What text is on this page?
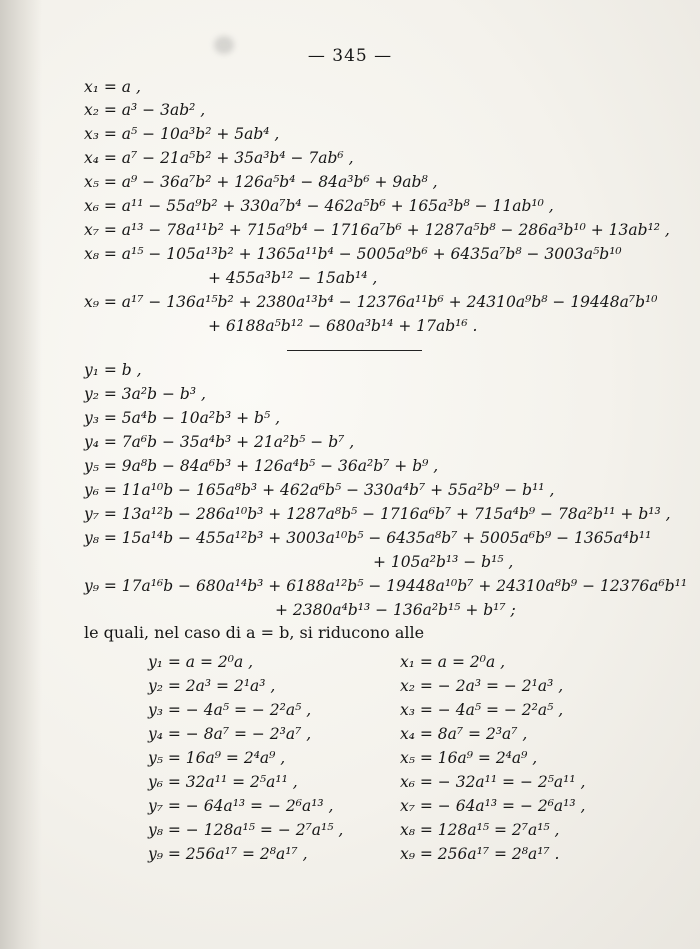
— 345 —
x₁ = a ,
x₂ = a³ − 3ab² ,
x₃ = a⁵ − 10a³b² + 5ab⁴ ,
x₄ = a⁷ − 21a⁵b² + 35a³b⁴ − 7ab⁶ ,
x₅ = a⁹ − 36a⁷b² + 126a⁵b⁴ − 84a³b⁶ + 9ab⁸ ,
x₆ = a¹¹ − 55a⁹b² + 330a⁷b⁴ − 462a⁵b⁶ + 165a³b⁸ − 11ab¹⁰ ,
x₇ = a¹³ − 78a¹¹b² + 715a⁹b⁴ − 1716a⁷b⁶ + 1287a⁵b⁸ − 286a³b¹⁰ + 13ab¹² ,
x₈ = a¹⁵ − 105a¹³b² + 1365a¹¹b⁴ − 5005a⁹b⁶ + 6435a⁷b⁸ − 3003a⁵b¹⁰
+ 455a³b¹² − 15ab¹⁴ ,
x₉ = a¹⁷ − 136a¹⁵b² + 2380a¹³b⁴ − 12376a¹¹b⁶ + 24310a⁹b⁸ − 19448a⁷b¹⁰
+ 6188a⁵b¹² − 680a³b¹⁴ + 17ab¹⁶ .
y₁ = b ,
y₂ = 3a²b − b³ ,
y₃ = 5a⁴b − 10a²b³ + b⁵ ,
y₄ = 7a⁶b − 35a⁴b³ + 21a²b⁵ − b⁷ ,
y₅ = 9a⁸b − 84a⁶b³ + 126a⁴b⁵ − 36a²b⁷ + b⁹ ,
y₆ = 11a¹⁰b − 165a⁸b³ + 462a⁶b⁵ − 330a⁴b⁷ + 55a²b⁹ − b¹¹ ,
y₇ = 13a¹²b − 286a¹⁰b³ + 1287a⁸b⁵ − 1716a⁶b⁷ + 715a⁴b⁹ − 78a²b¹¹ + b¹³ ,
y₈ = 15a¹⁴b − 455a¹²b³ + 3003a¹⁰b⁵ − 6435a⁸b⁷ + 5005a⁶b⁹ − 1365a⁴b¹¹
+ 105a²b¹³ − b¹⁵ ,
y₉ = 17a¹⁶b − 680a¹⁴b³ + 6188a¹²b⁵ − 19448a¹⁰b⁷ + 24310a⁸b⁹ − 12376a⁶b¹¹
+ 2380a⁴b¹³ − 136a²b¹⁵ + b¹⁷ ;
le quali, nel caso di a = b, si riducono alle
y₁ = a = 2⁰a ,
y₂ = 2a³ = 2¹a³ ,
y₃ = − 4a⁵ = − 2²a⁵ ,
y₄ = − 8a⁷ = − 2³a⁷ ,
y₅ = 16a⁹ = 2⁴a⁹ ,
y₆ = 32a¹¹ = 2⁵a¹¹ ,
y₇ = − 64a¹³ = − 2⁶a¹³ ,
y₈ = − 128a¹⁵ = − 2⁷a¹⁵ ,
y₉ = 256a¹⁷ = 2⁸a¹⁷ ,
x₁ = a = 2⁰a ,
x₂ = − 2a³ = − 2¹a³ ,
x₃ = − 4a⁵ = − 2²a⁵ ,
x₄ = 8a⁷ = 2³a⁷ ,
x₅ = 16a⁹ = 2⁴a⁹ ,
x₆ = − 32a¹¹ = − 2⁵a¹¹ ,
x₇ = − 64a¹³ = − 2⁶a¹³ ,
x₈ = 128a¹⁵ = 2⁷a¹⁵ ,
x₉ = 256a¹⁷ = 2⁸a¹⁷ .
